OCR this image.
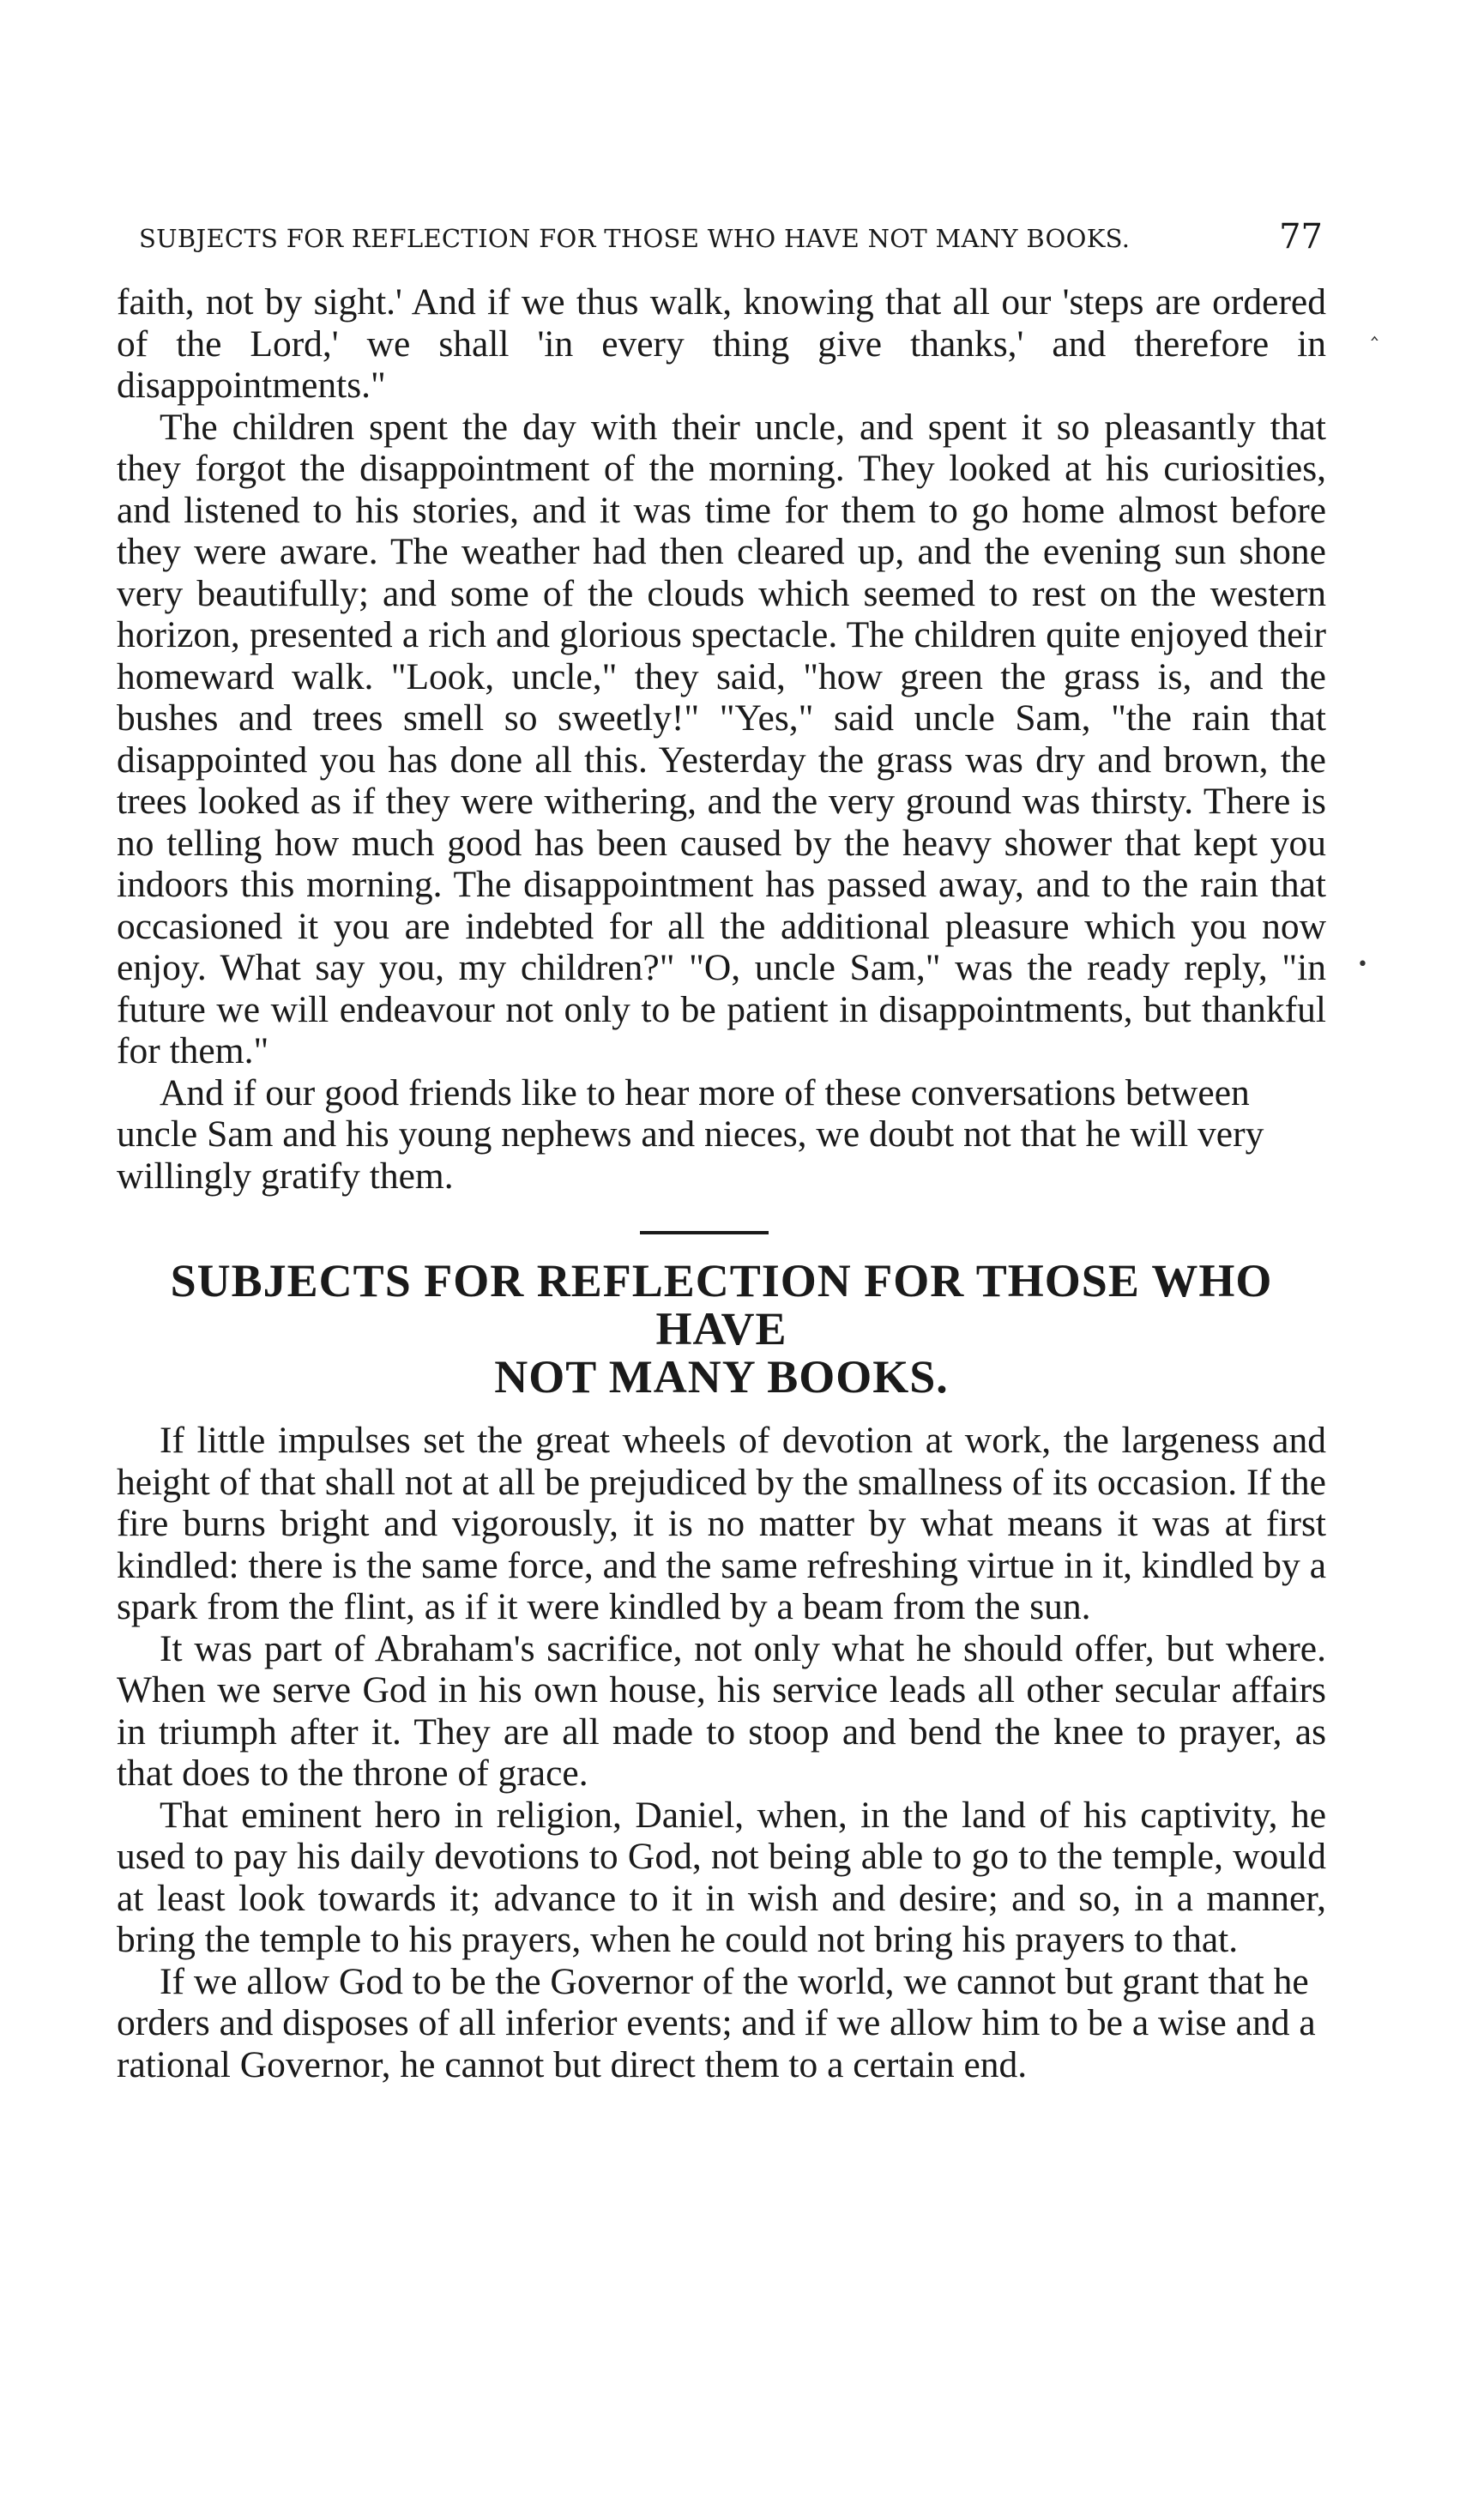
SUBJECTS FOR REFLECTION FOR THOSE WHO HAVE NOT MANY BOOKS.	77

faith, not by sight.' And if we thus walk, knowing that all our 'steps are ordered of the Lord,' we shall 'in every thing give thanks,' and therefore in disappointments."

The children spent the day with their uncle, and spent it so pleasantly that they forgot the disappointment of the morning. They looked at his curiosities, and listened to his stories, and it was time for them to go home almost before they were aware. The weather had then cleared up, and the evening sun shone very beautifully; and some of the clouds which seemed to rest on the western horizon, presented a rich and glorious spectacle. The children quite enjoyed their homeward walk. "Look, uncle," they said, "how green the grass is, and the bushes and trees smell so sweetly!" "Yes," said uncle Sam, "the rain that disappointed you has done all this. Yesterday the grass was dry and brown, the trees looked as if they were withering, and the very ground was thirsty. There is no telling how much good has been caused by the heavy shower that kept you indoors this morning. The disappointment has passed away, and to the rain that occasioned it you are indebted for all the additional pleasure which you now enjoy. What say you, my children?" "O, uncle Sam," was the ready reply, "in future we will endeavour not only to be patient in disappointments, but thankful for them."

And if our good friends like to hear more of these conversations between uncle Sam and his young nephews and nieces, we doubt not that he will very willingly gratify them.

SUBJECTS FOR REFLECTION FOR THOSE WHO HAVE
NOT MANY BOOKS.

If little impulses set the great wheels of devotion at work, the largeness and height of that shall not at all be prejudiced by the smallness of its occasion. If the fire burns bright and vigorously, it is no matter by what means it was at first kindled: there is the same force, and the same refreshing virtue in it, kindled by a spark from the flint, as if it were kindled by a beam from the sun.

It was part of Abraham's sacrifice, not only what he should offer, but where. When we serve God in his own house, his service leads all other secular affairs in triumph after it. They are all made to stoop and bend the knee to prayer, as that does to the throne of grace.

That eminent hero in religion, Daniel, when, in the land of his captivity, he used to pay his daily devotions to God, not being able to go to the temple, would at least look towards it; advance to it in wish and desire; and so, in a manner, bring the temple to his prayers, when he could not bring his prayers to that.

If we allow God to be the Governor of the world, we cannot but grant that he orders and disposes of all inferior events; and if we allow him to be a wise and a rational Governor, he cannot but direct them to a certain end.

‸
•
